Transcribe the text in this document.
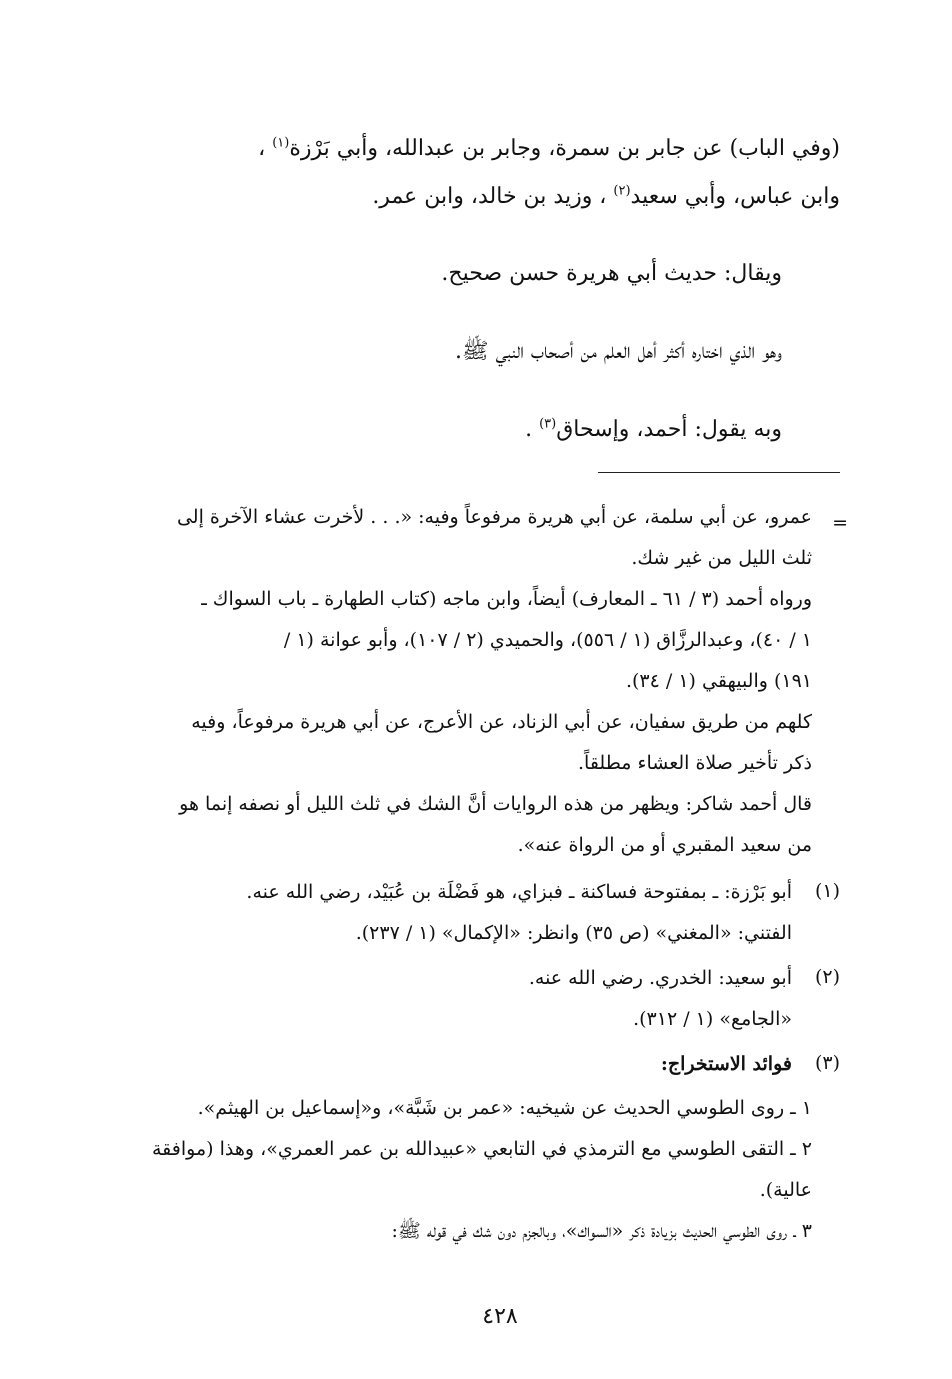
(وفي الباب) عن جابر بن سمرة، وجابر بن عبدالله، وأبي بَرْزة$^{(١)}$ ،

وابن عباس، وأبي سعيد$^{(٢)}$ ، وزيد بن خالد، وابن عمر.

ويقال: حديث أبي هريرة حسن صحيح.
وهو الذي اختاره أكثر أهل العلم من أصحاب النبي ﷺ.
وبه يقول: أحمد، وإسحاق$^{(٣)}$ .
=

عمرو، عن أبي سلمة، عن أبي هريرة مرفوعاً وفيه: «. . . لأخرت عشاء الآخرة إلى

ثلث الليل من غير شك.

ورواه أحمد (٣ / ٦١ ـ المعارف) أيضاً، وابن ماجه (كتاب الطهارة ـ باب السواك ـ

١ / ٤٠)، وعبدالرزَّاق (١ / ٥٥٦)، والحميدي (٢ / ١٠٧)، وأبو عوانة (١ /

١٩١) والبيهقي (١ / ٣٤).

كلهم من طريق سفيان، عن أبي الزناد، عن الأعرج، عن أبي هريرة مرفوعاً، وفيه

ذكر تأخير صلاة العشاء مطلقاً.

قال أحمد شاكر: ويظهر من هذه الروايات أنَّ الشك في ثلث الليل أو نصفه إنما هو

من سعيد المقبري أو من الرواة عنه».

(١)

أبو بَرْزة: ـ بمفتوحة فساكنة ـ فبزاي، هو فَضْلَة بن عُبَيْد، رضي الله عنه.

الفتني: «المغني» (ص ٣٥) وانظر: «الإكمال» (١ / ٢٣٧).

(٢)

أبو سعيد: الخدري. رضي الله عنه.

«الجامع» (١ / ٣١٢).

(٣)

فوائد الاستخراج:

١ ـ روى الطوسي الحديث عن شيخيه: «عمر بن شَبَّة»، و«إسماعيل بن الهيثم».

٢ ـ التقى الطوسي مع الترمذي في التابعي «عبيدالله بن عمر العمري»، وهذا (موافقة

عالية).

٣ ـ روى الطوسي الحديث بزيادة ذكر «السواك»، وبالجزم دون شك في قوله ﷺ:

٤٢٨
